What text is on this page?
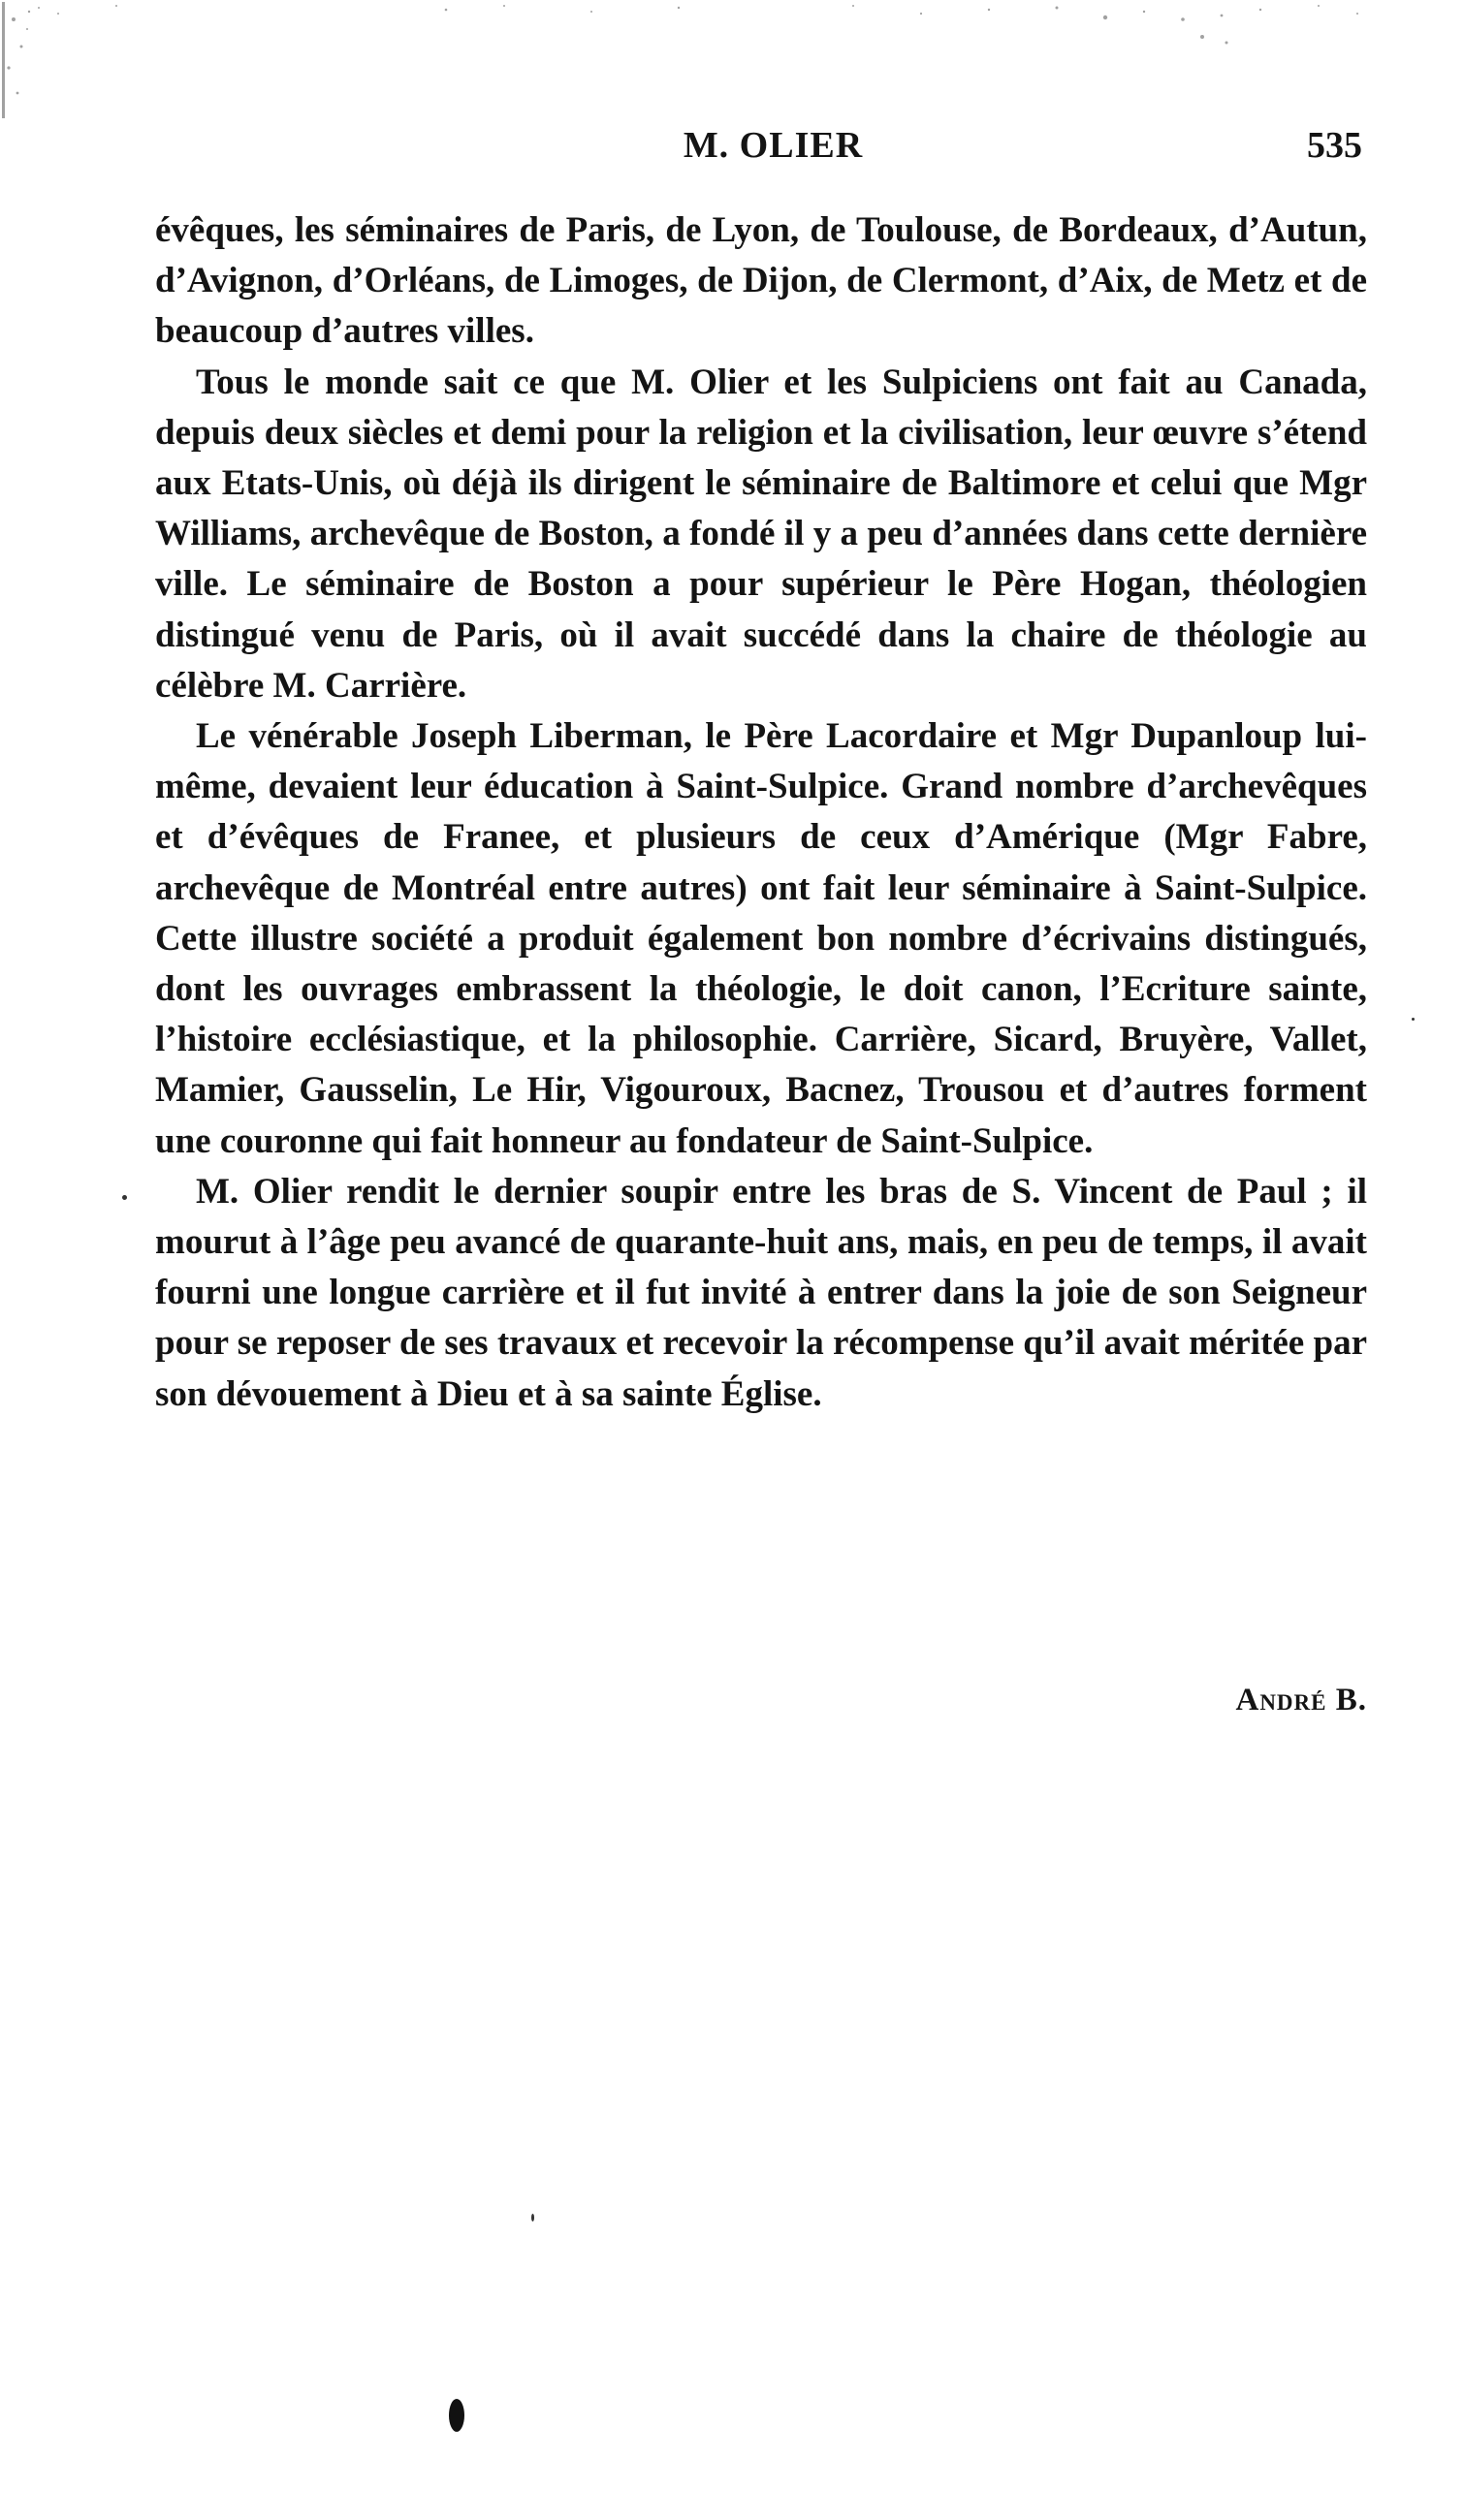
M. OLIER	535

évêques, les séminaires de Paris, de Lyon, de Toulouse, de Bordeaux, d’Autun, d’Avignon, d’Orléans, de Limoges, de Dijon, de Clermont, d’Aix, de Metz et de beaucoup d’autres villes.

Tous le monde sait ce que M. Olier et les Sulpiciens ont fait au Canada, depuis deux siècles et demi pour la religion et la civilisation, leur œuvre s’étend aux Etats-Unis, où déjà ils dirigent le séminaire de Baltimore et celui que Mgr Williams, archevêque de Boston, a fondé il y a peu d’années dans cette dernière ville. Le séminaire de Boston a pour supérieur le Père Hogan, théologien distingué venu de Paris, où il avait succédé dans la chaire de théologie au célèbre M. Carrière.

Le vénérable Joseph Liberman, le Père Lacordaire et Mgr Dupanloup lui-même, devaient leur éducation à Saint-Sulpice. Grand nombre d’archevêques et d’évêques de Franee, et plusieurs de ceux d’Amérique (Mgr Fabre, archevêque de Montréal entre autres) ont fait leur séminaire à Saint-Sulpice. Cette illustre société a produit également bon nombre d’écrivains distingués, dont les ouvrages embrassent la théologie, le doit canon, l’Ecriture sainte, l’histoire ecclésiastique, et la philosophie. Carrière, Sicard, Bruyère, Vallet, Mamier, Gausselin, Le Hir, Vigouroux, Bacnez, Trousou et d’autres forment une couronne qui fait honneur au fondateur de Saint-Sulpice.

M. Olier rendit le dernier soupir entre les bras de S. Vincent de Paul ; il mourut à l’âge peu avancé de quarante-huit ans, mais, en peu de temps, il avait fourni une longue carrière et il fut invité à entrer dans la joie de son Seigneur pour se reposer de ses travaux et recevoir la récompense qu’il avait méritée par son dévouement à Dieu et à sa sainte Église.

André B.
